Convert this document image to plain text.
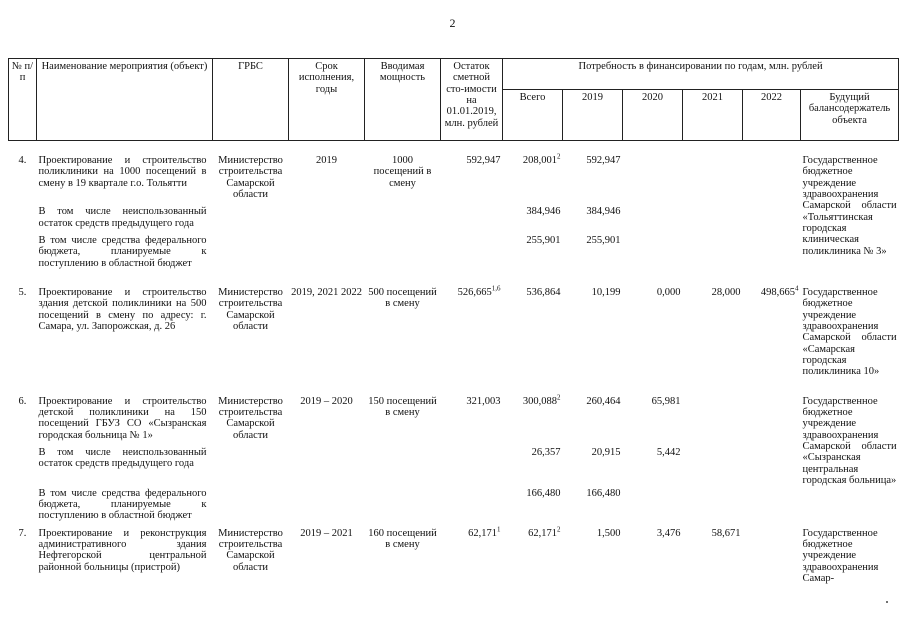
2
№ п/п	Наименование мероприятия (объект)	ГРБС	Срок исполнения, годы	Вводимая мощность	Остаток сметной сто-имости на 01.01.2019, млн. рублей	Потребность в финансировании по годам, млн. рублей					
						Всего	2019	2020	2021	2022	Будущий балансодержатель объекта

4.	Проектирование и строительство поликлиники на 1000 посещений в смену в 19 квартале г.о. Тольятти	Министерство строительства Самарской области	2019	1000 посещений в смену	592,947	208,001$^2$	592,947				Государственное бюджетное учреждение здравоохранения Самарской области «Тольяттинская городская клиническая поликлиника № 3»

	В том числе неиспользованный остаток средств предыдущего года					384,946	384,946				

	В том числе средства федерального бюджета, планируемые к поступлению в областной бюджет					255,901	255,901				

5.	Проектирование и строительство здания детской поликлиники на 500 посещений в смену по адресу: г. Самара, ул. Запорожская, д. 26	Министерство строительства Самарской области	2019, 2021 2022	500 посещений в смену	526,665$^{1,6}$	536,864	10,199	0,000	28,000	498,665$^4$	Государственное бюджетное учреждение здравоохранения Самарской области «Самарская городская поликлиника 10»

6.	Проектирование и строительство детской поликлиники на 150 посещений ГБУЗ СО «Сызранская городская больница № 1»	Министерство строительства Самарской области	2019 – 2020	150 посещений в смену	321,003	300,088$^2$	260,464	65,981			Государственное бюджетное учреждение здравоохранения Самарской области «Сызранская центральная городская больница»

	В том числе неиспользованный остаток средств предыдущего года					26,357	20,915	5,442			

	В том числе средства федерального бюджета, планируемые к поступлению в областной бюджет					166,480	166,480				

7.	Проектирование и реконструкция административного здания Нефтегорской центральной районной больницы (пристрой)	Министерство строительства Самарской области	2019 – 2021	160 посещений в смену	62,171$^1$	62,171$^2$	1,500	3,476	58,671		Государственное бюджетное учреждение здравоохранения Самар-
